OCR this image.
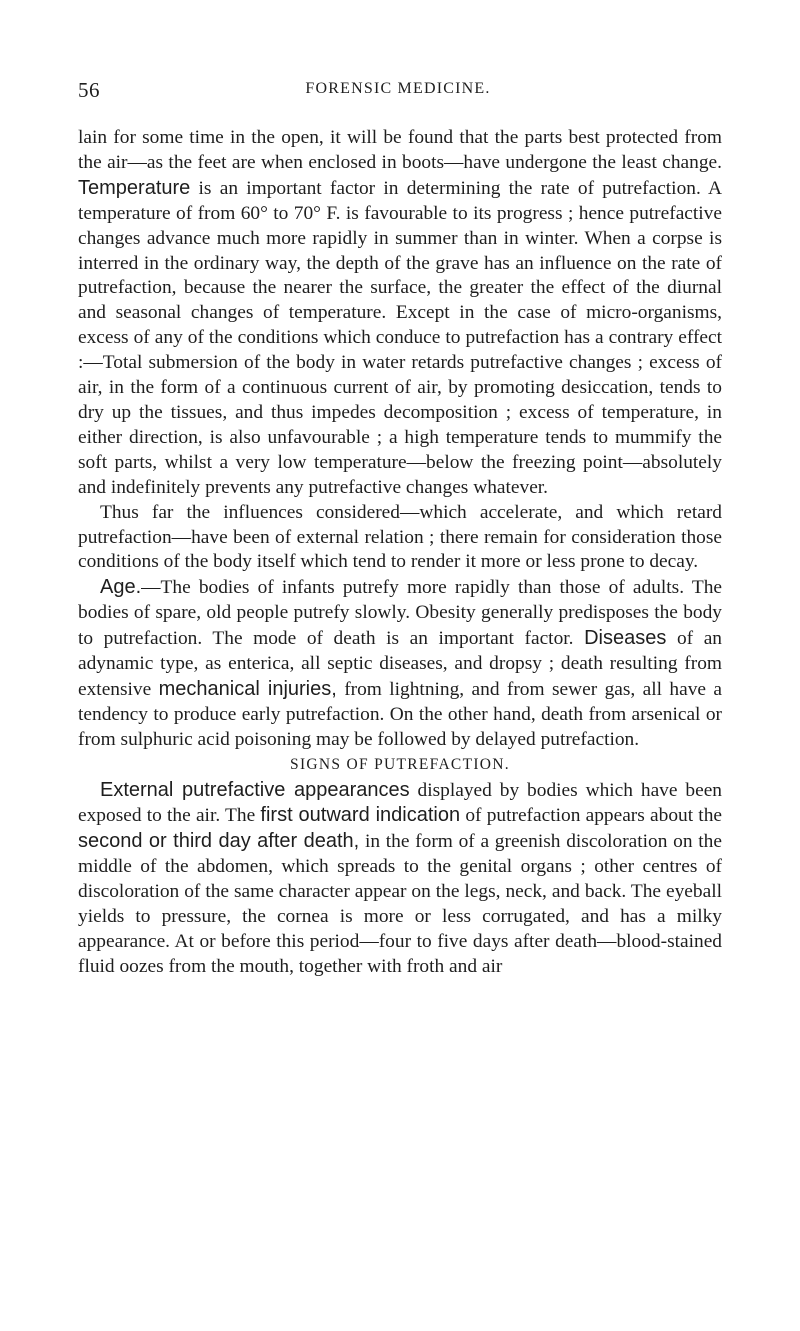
56	FORENSIC MEDICINE.

lain for some time in the open, it will be found that the parts best protected from the air—as the feet are when enclosed in boots—have undergone the least change. Temperature is an important factor in determining the rate of putrefaction. A temperature of from 60° to 70° F. is favourable to its progress ; hence putrefactive changes advance much more rapidly in summer than in winter. When a corpse is interred in the ordinary way, the depth of the grave has an influence on the rate of putrefaction, because the nearer the surface, the greater the effect of the diurnal and seasonal changes of temperature. Except in the case of micro-organisms, excess of any of the conditions which conduce to putrefaction has a contrary effect :—Total submersion of the body in water retards putrefactive changes ; excess of air, in the form of a continuous current of air, by promoting desiccation, tends to dry up the tissues, and thus impedes decomposition ; excess of temperature, in either direction, is also unfavourable ; a high temperature tends to mummify the soft parts, whilst a very low temperature—below the freezing point—absolutely and indefinitely prevents any putrefactive changes whatever.

Thus far the influences considered—which accelerate, and which retard putrefaction—have been of external relation ; there remain for consideration those conditions of the body itself which tend to render it more or less prone to decay.

Age.—The bodies of infants putrefy more rapidly than those of adults. The bodies of spare, old people putrefy slowly. Obesity generally predisposes the body to putrefaction. The mode of death is an important factor. Diseases of an adynamic type, as enterica, all septic diseases, and dropsy ; death resulting from extensive mechanical injuries, from lightning, and from sewer gas, all have a tendency to produce early putrefaction. On the other hand, death from arsenical or from sulphuric acid poisoning may be followed by delayed putrefaction.

SIGNS OF PUTREFACTION.

External putrefactive appearances displayed by bodies which have been exposed to the air. The first outward indication of putrefaction appears about the second or third day after death, in the form of a greenish discoloration on the middle of the abdomen, which spreads to the genital organs ; other centres of discoloration of the same character appear on the legs, neck, and back. The eyeball yields to pressure, the cornea is more or less corrugated, and has a milky appearance. At or before this period—four to five days after death—blood-stained fluid oozes from the mouth, together with froth and air
